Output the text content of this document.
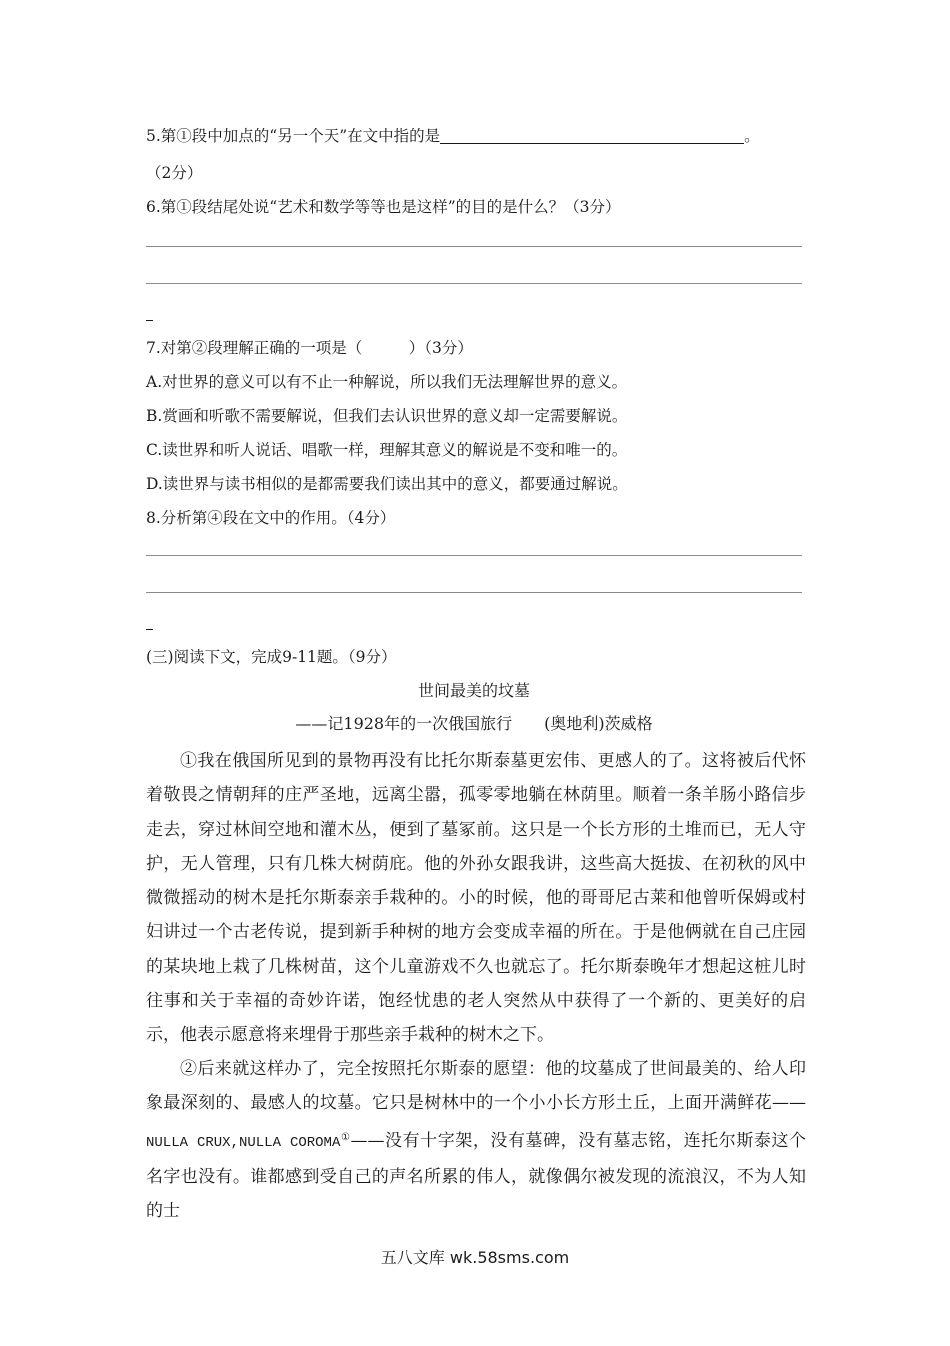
5.第①段中加点的“另一个天”在文中指的是	。
（2分）
6.第①段结尾处说“艺术和数学等等也是这样”的目的是什么？（3分）
7.对第②段理解正确的一项是（　　　）（3分）
A.对世界的意义可以有不止一种解说，所以我们无法理解世界的意义。
B.赏画和听歌不需要解说，但我们去认识世界的意义却一定需要解说。
C.读世界和听人说话、唱歌一样，理解其意义的解说是不变和唯一的。
D.读世界与读书相似的是都需要我们读出其中的意义，都要通过解说。
8.分析第④段在文中的作用。（4分）
(三)阅读下文，完成9-11题。（9分）
世间最美的坟墓
——记1928年的一次俄国旅行　　(奥地利)茨威格

①我在俄国所见到的景物再没有比托尔斯泰墓更宏伟、更感人的了。这将被后代怀着敬畏之情朝拜的庄严圣地，远离尘嚣，孤零零地躺在林荫里。顺着一条羊肠小路信步走去，穿过林间空地和灌木丛，便到了墓冢前。这只是一个长方形的土堆而已，无人守护，无人管理，只有几株大树荫庇。他的外孙女跟我讲，这些高大挺拔、在初秋的风中微微摇动的树木是托尔斯泰亲手栽种的。小的时候，他的哥哥尼古莱和他曾听保姆或村妇讲过一个古老传说，提到新手种树的地方会变成幸福的所在。于是他俩就在自己庄园的某块地上栽了几株树苗，这个儿童游戏不久也就忘了。托尔斯泰晚年才想起这桩儿时往事和关于幸福的奇妙许诺，饱经忧患的老人突然从中获得了一个新的、更美好的启示，他表示愿意将来埋骨于那些亲手栽种的树木之下。

②后来就这样办了，完全按照托尔斯泰的愿望：他的坟墓成了世间最美的、给人印象最深刻的、最感人的坟墓。它只是树林中的一个小小长方形土丘，上面开满鲜花——NULLA CRUX,NULLA COROMA①——没有十字架，没有墓碑，没有墓志铭，连托尔斯泰这个名字也没有。谁都感到受自己的声名所累的伟人，就像偶尔被发现的流浪汉，不为人知的士

五八文库 wk.58sms.com
